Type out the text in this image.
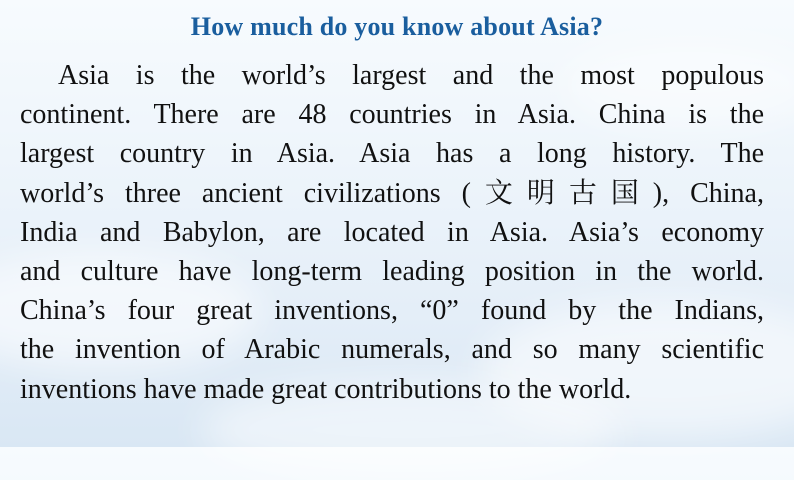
How much do you know about Asia?
Asia is the world’s largest and the most populous
continent. There are 48 countries in Asia. China is the
largest country in Asia. Asia has a long history. The
world’s three ancient civilizations (文明古国), China,
India and Babylon, are located in Asia. Asia’s economy
and culture have long-term leading position in the world.
China’s four great inventions, “0” found by the Indians,
the invention of Arabic numerals, and so many scientific
inventions have made great contributions to the world.
